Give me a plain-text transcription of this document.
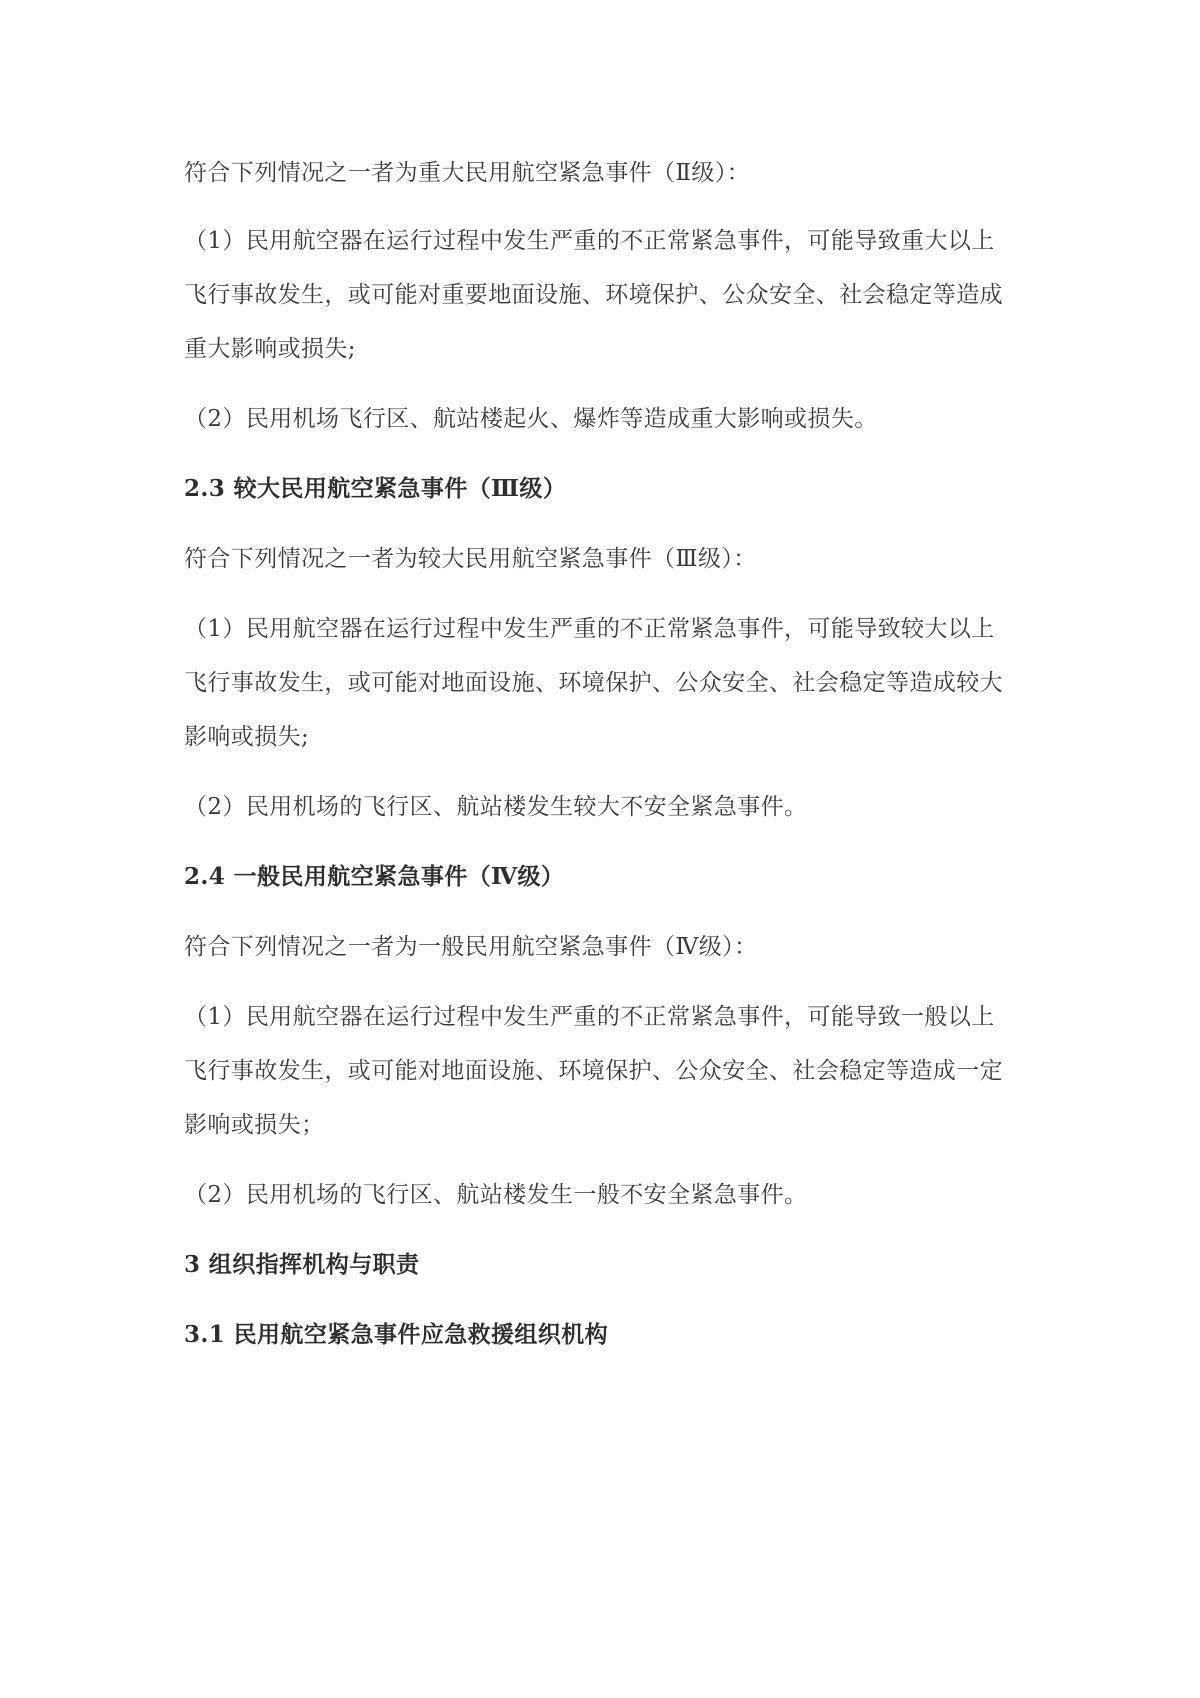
符合下列情况之一者为重大民用航空紧急事件（Ⅱ级）：
（1）民用航空器在运行过程中发生严重的不正常紧急事件，可能导致重大以上
飞行事故发生，或可能对重要地面设施、环境保护、公众安全、社会稳定等造成
重大影响或损失;
（2）民用机场飞行区、航站楼起火、爆炸等造成重大影响或损失。
2.3 较大民用航空紧急事件（Ⅲ级）
符合下列情况之一者为较大民用航空紧急事件（Ⅲ级）：
（1）民用航空器在运行过程中发生严重的不正常紧急事件，可能导致较大以上
飞行事故发生，或可能对地面设施、环境保护、公众安全、社会稳定等造成较大
影响或损失;
（2）民用机场的飞行区、航站楼发生较大不安全紧急事件。
2.4 一般民用航空紧急事件（Ⅳ级）
符合下列情况之一者为一般民用航空紧急事件（Ⅳ级）：
（1）民用航空器在运行过程中发生严重的不正常紧急事件，可能导致一般以上
飞行事故发生，或可能对地面设施、环境保护、公众安全、社会稳定等造成一定
影响或损失；
（2）民用机场的飞行区、航站楼发生一般不安全紧急事件。
3 组织指挥机构与职责
3.1 民用航空紧急事件应急救援组织机构
